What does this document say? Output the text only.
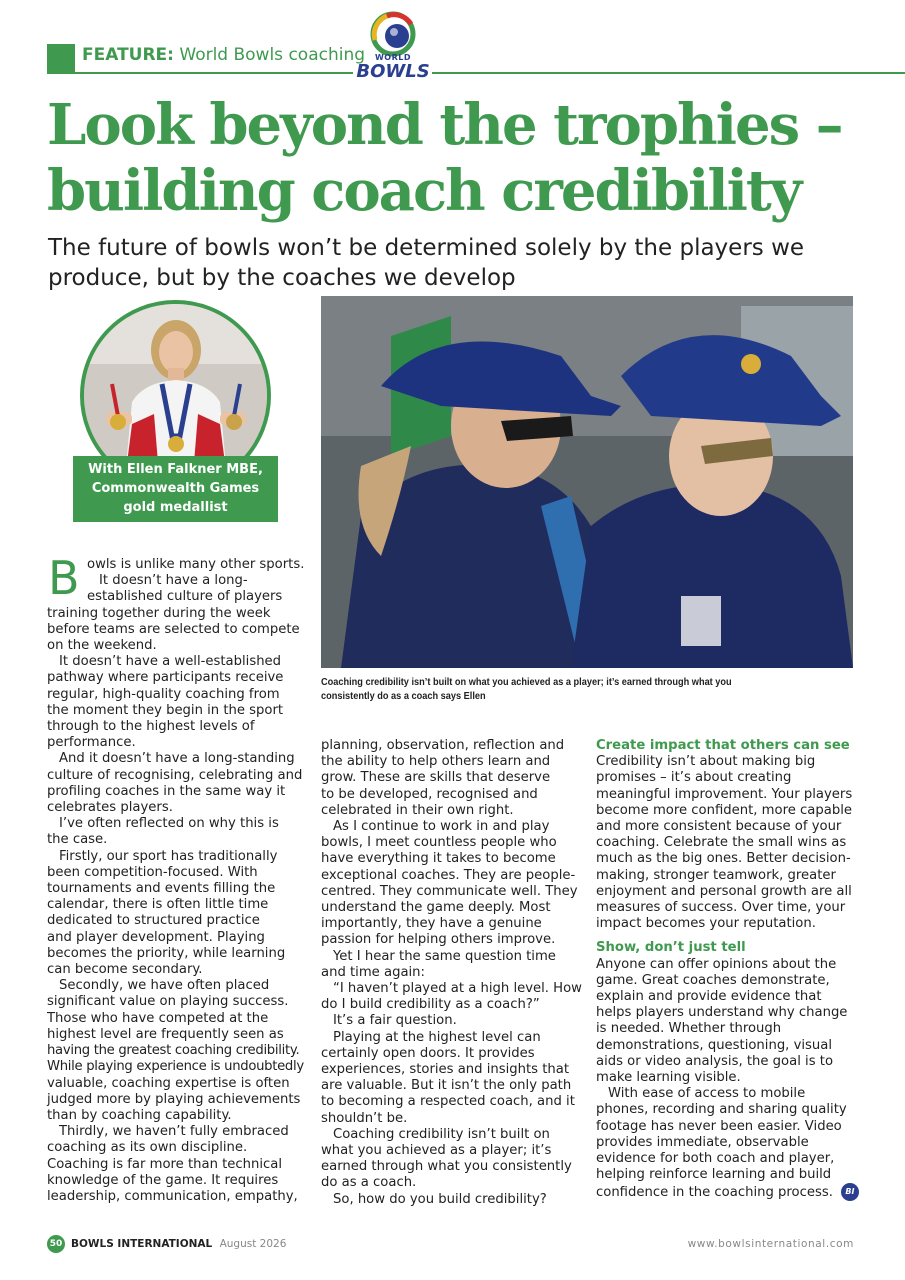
FEATURE: World Bowls coaching	WORLD
BOWLS
Look beyond the trophies –
building coach credibility
The future of bowls won’t be determined solely by the players we
produce, but by the coaches we develop
With Ellen Falkner MBE,
Commonwealth Games
gold medallist
Coaching credibility isn’t built on what you achieved as a player; it’s earned through what you
consistently do as a coach says Ellen
B owls is unlike many other sports.
It doesn’t have a long-
established culture of players
training together during the week
before teams are selected to compete
on the weekend.
It doesn’t have a well-established
pathway where participants receive
regular, high-quality coaching from
the moment they begin in the sport
through to the highest levels of
performance.
And it doesn’t have a long-standing
culture of recognising, celebrating and
profiling coaches in the same way it
celebrates players.
I’ve often reflected on why this is
the case.
Firstly, our sport has traditionally
been competition-focused. With
tournaments and events filling the
calendar, there is often little time
dedicated to structured practice
and player development. Playing
becomes the priority, while learning
can become secondary.
Secondly, we have often placed
significant value on playing success.
Those who have competed at the
highest level are frequently seen as
having the greatest coaching credibility.
While playing experience is undoubtedly
valuable, coaching expertise is often
judged more by playing achievements
than by coaching capability.
Thirdly, we haven’t fully embraced
coaching as its own discipline.
Coaching is far more than technical
knowledge of the game. It requires
leadership, communication, empathy,
planning, observation, reflection and
the ability to help others learn and
grow. These are skills that deserve
to be developed, recognised and
celebrated in their own right.
As I continue to work in and play
bowls, I meet countless people who
have everything it takes to become
exceptional coaches. They are people-
centred. They communicate well. They
understand the game deeply. Most
importantly, they have a genuine
passion for helping others improve.
Yet I hear the same question time
and time again:
“I haven’t played at a high level. How
do I build credibility as a coach?”
It’s a fair question.
Playing at the highest level can
certainly open doors. It provides
experiences, stories and insights that
are valuable. But it isn’t the only path
to becoming a respected coach, and it
shouldn’t be.
Coaching credibility isn’t built on
what you achieved as a player; it’s
earned through what you consistently
do as a coach.
So, how do you build credibility?
Create impact that others can see
Credibility isn’t about making big
promises – it’s about creating
meaningful improvement. Your players
become more confident, more capable
and more consistent because of your
coaching. Celebrate the small wins as
much as the big ones. Better decision-
making, stronger teamwork, greater
enjoyment and personal growth are all
measures of success. Over time, your
impact becomes your reputation.
Show, don’t just tell
Anyone can offer opinions about the
game. Great coaches demonstrate,
explain and provide evidence that
helps players understand why change
is needed. Whether through
demonstrations, questioning, visual
aids or video analysis, the goal is to
make learning visible.
With ease of access to mobile
phones, recording and sharing quality
footage has never been easier. Video
provides immediate, observable
evidence for both coach and player,
helping reinforce learning and build
confidence in the coaching process. BI
50 BOWLS INTERNATIONAL August 2026	www.bowlsinternational.com
